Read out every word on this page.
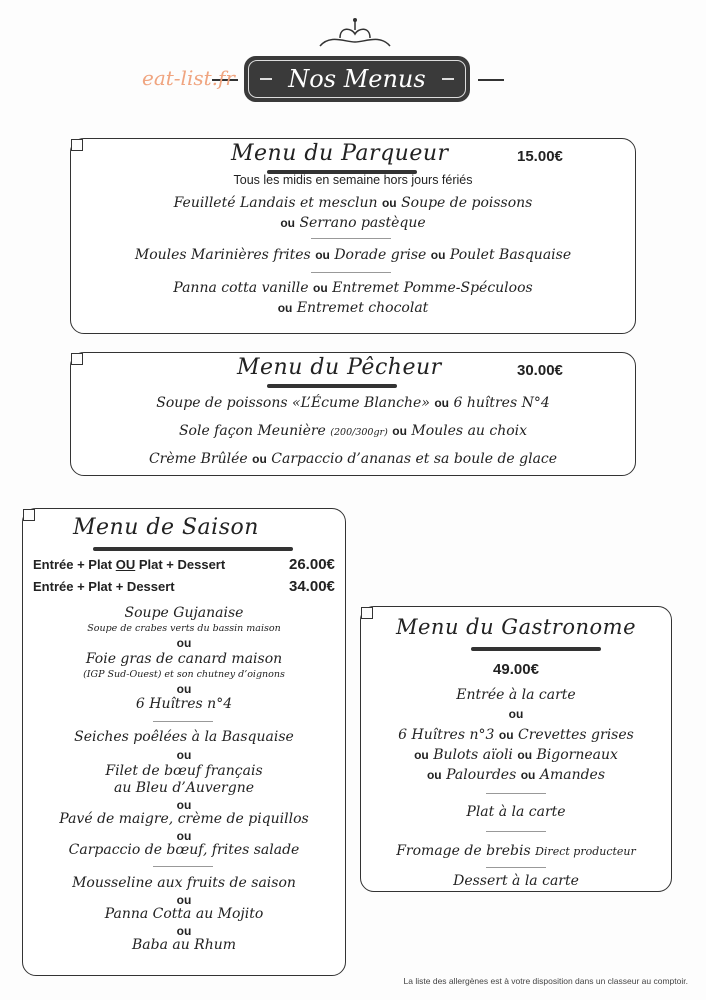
Nos Menus
eat-list.fr
Menu du Parqueur	15.00€
Tous les midis en semaine hors jours fériés
Feuilleté Landais et mesclun ou Soupe de poissons
ou Serrano pastèque
Moules Marinières frites ou Dorade grise ou Poulet Basquaise
Panna cotta vanille ou Entremet Pomme-Spéculoos
ou Entremet chocolat
Menu du Pêcheur	30.00€
Soupe de poissons «L’Écume Blanche» ou 6 huîtres N°4
Sole façon Meunière (200/300gr) ou Moules au choix
Crème Brûlée ou Carpaccio d’ananas et sa boule de glace
Menu de Saison
Entrée + Plat OU Plat + Dessert	26.00€
Entrée + Plat + Dessert	34.00€
Soupe Gujanaise
Soupe de crabes verts du bassin maison
ou
Foie gras de canard maison
(IGP Sud-Ouest) et son chutney d’oignons
ou
6 Huîtres n°4
Seiches poêlées à la Basquaise
ou
Filet de bœuf français
au Bleu d’Auvergne
ou
Pavé de maigre, crème de piquillos
ou
Carpaccio de bœuf, frites salade
Mousseline aux fruits de saison
ou
Panna Cotta au Mojito
ou
Baba au Rhum
Menu du Gastronome
49.00€
Entrée à la carte
ou
6 Huîtres n°3 ou Crevettes grises
ou Bulots aïoli ou Bigorneaux
ou Palourdes ou Amandes
Plat à la carte
Fromage de brebis Direct producteur
Dessert à la carte
La liste des allergènes est à votre disposition dans un classeur au comptoir.
